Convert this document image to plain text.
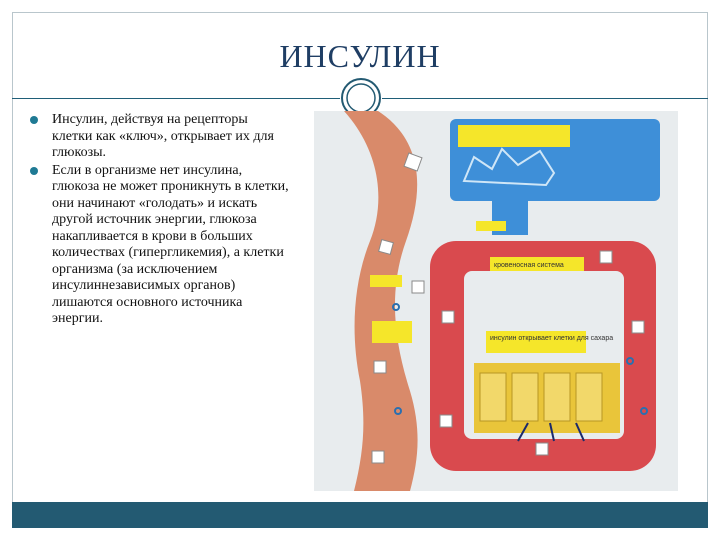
ИНСУЛИН
Инсулин, действуя на рецепторы клетки как «ключ», открывает их для глюкозы.
Если в организме нет инсулина, глюкоза не может проникнуть в клетки, они начинают «голодать» и искать другой источник энергии, глюкоза накапливается в крови в больших количествах (гипергликемия), а клетки организма (за исключением инсулиннезависимых органов) лишаются основного источника энергии.
кровеносная система
инсулин открывает клетки для сахара
